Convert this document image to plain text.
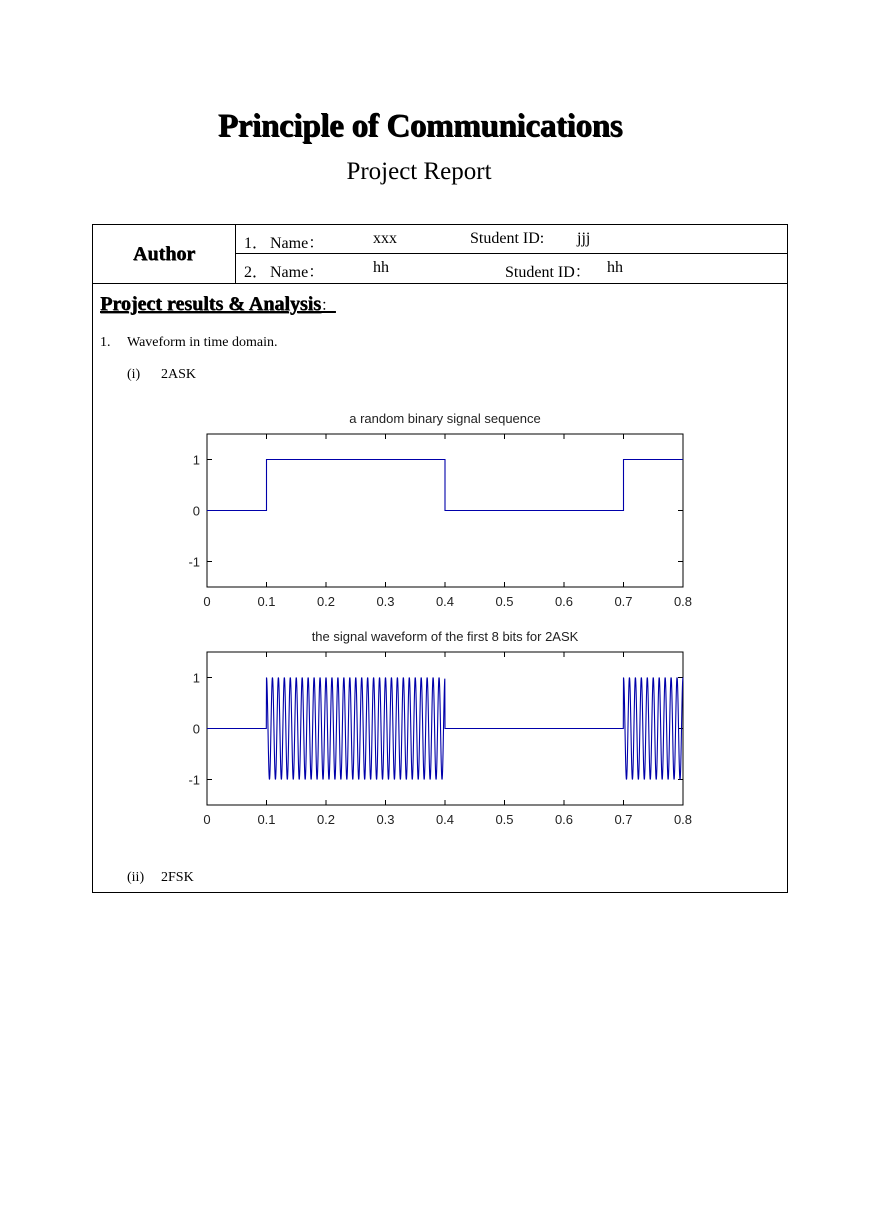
Principle of Communications
Project Report
Author	1． Name：	xxx	Student ID: jjj
2． Name：	hh	Student ID： hh
Project results & Analysis：
1. Waveform in time domain.
(i) 2ASK
a random binary signal sequence
0	0.1	0.2	0.3	0.4	0.5	0.6	0.7	0.8
1
0
-1
the signal waveform of the first 8 bits for 2ASK
0	0.1	0.2	0.3	0.4	0.5	0.6	0.7	0.8
1
0
-1
(ii) 2FSK
